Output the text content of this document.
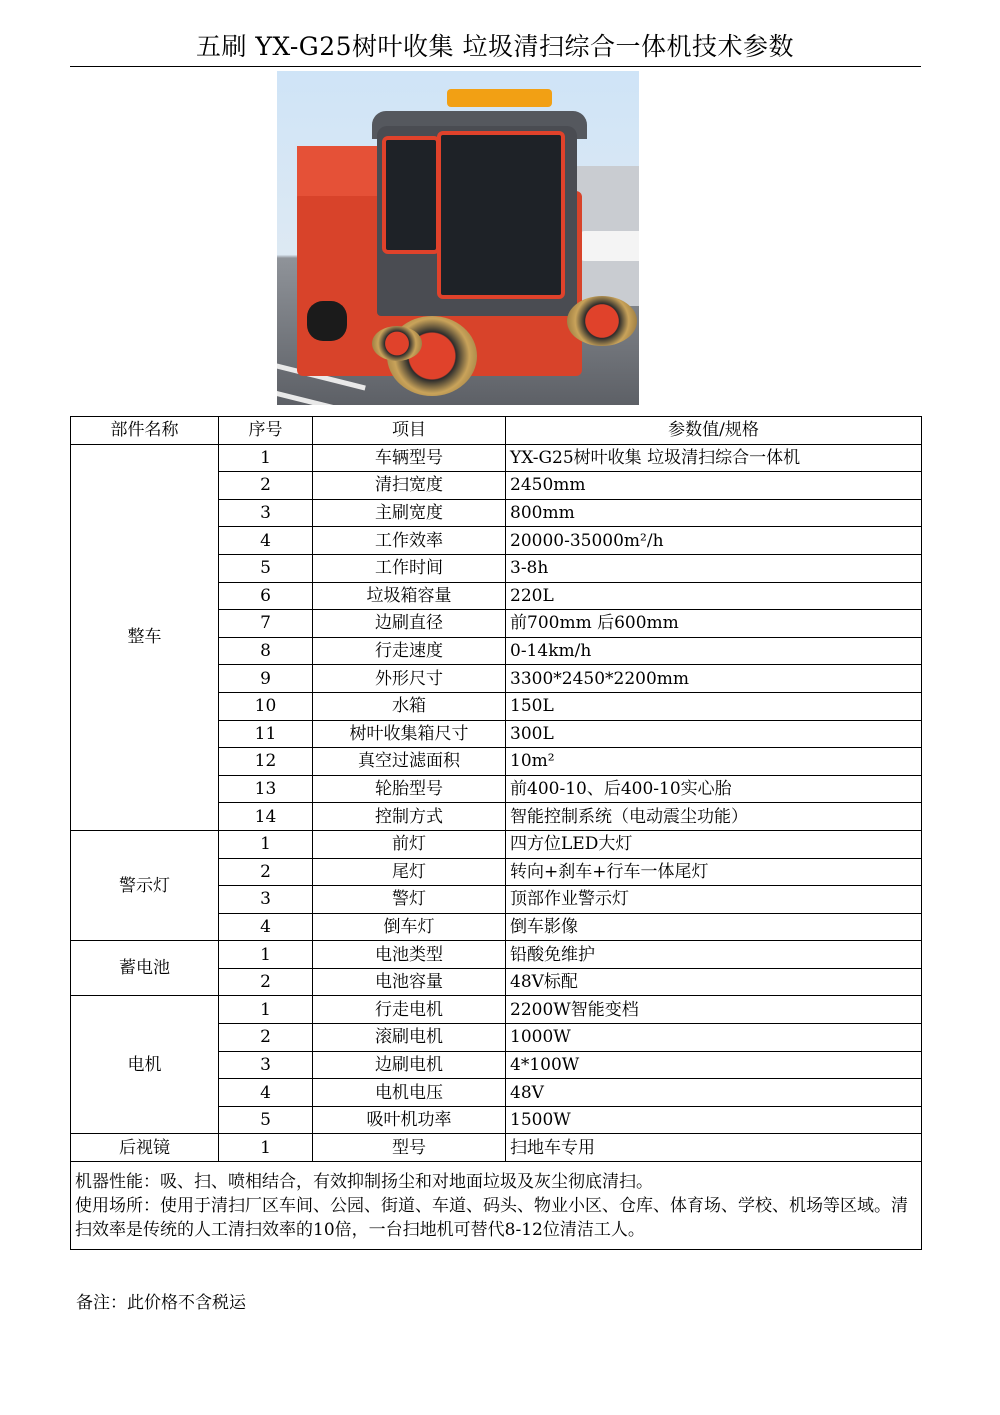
五刷 YX-G25树叶收集 垃圾清扫综合一体机技术参数
部件名称	序号	项目	参数值/规格
整车	1	车辆型号	YX-G25树叶收集 垃圾清扫综合一体机
	2	清扫宽度	2450mm
	3	主刷宽度	800mm
	4	工作效率	20000-35000m²/h
	5	工作时间	3-8h
	6	垃圾箱容量	220L
	7	边刷直径	前700mm 后600mm
	8	行走速度	0-14km/h
	9	外形尺寸	3300*2450*2200mm
	10	水箱	150L
	11	树叶收集箱尺寸	300L
	12	真空过滤面积	10m²
	13	轮胎型号	前400-10、后400-10实心胎
	14	控制方式	智能控制系统（电动震尘功能）
警示灯	1	前灯	四方位LED大灯
	2	尾灯	转向+刹车+行车一体尾灯
	3	警灯	顶部作业警示灯
	4	倒车灯	倒车影像
蓄电池	1	电池类型	铅酸免维护
	2	电池容量	48V标配
电机	1	行走电机	2200W智能变档
	2	滚刷电机	1000W
	3	边刷电机	4*100W
	4	电机电压	48V
	5	吸叶机功率	1500W
后视镜	1	型号	扫地车专用

机器性能：吸、扫、喷相结合，有效抑制扬尘和对地面垃圾及灰尘彻底清扫。
使用场所：使用于清扫厂区车间、公园、街道、车道、码头、物业小区、仓库、体育场、学校、机场等区域。清扫效率是传统的人工清扫效率的10倍，一台扫地机可替代8-12位清洁工人。			
备注：此价格不含税运
